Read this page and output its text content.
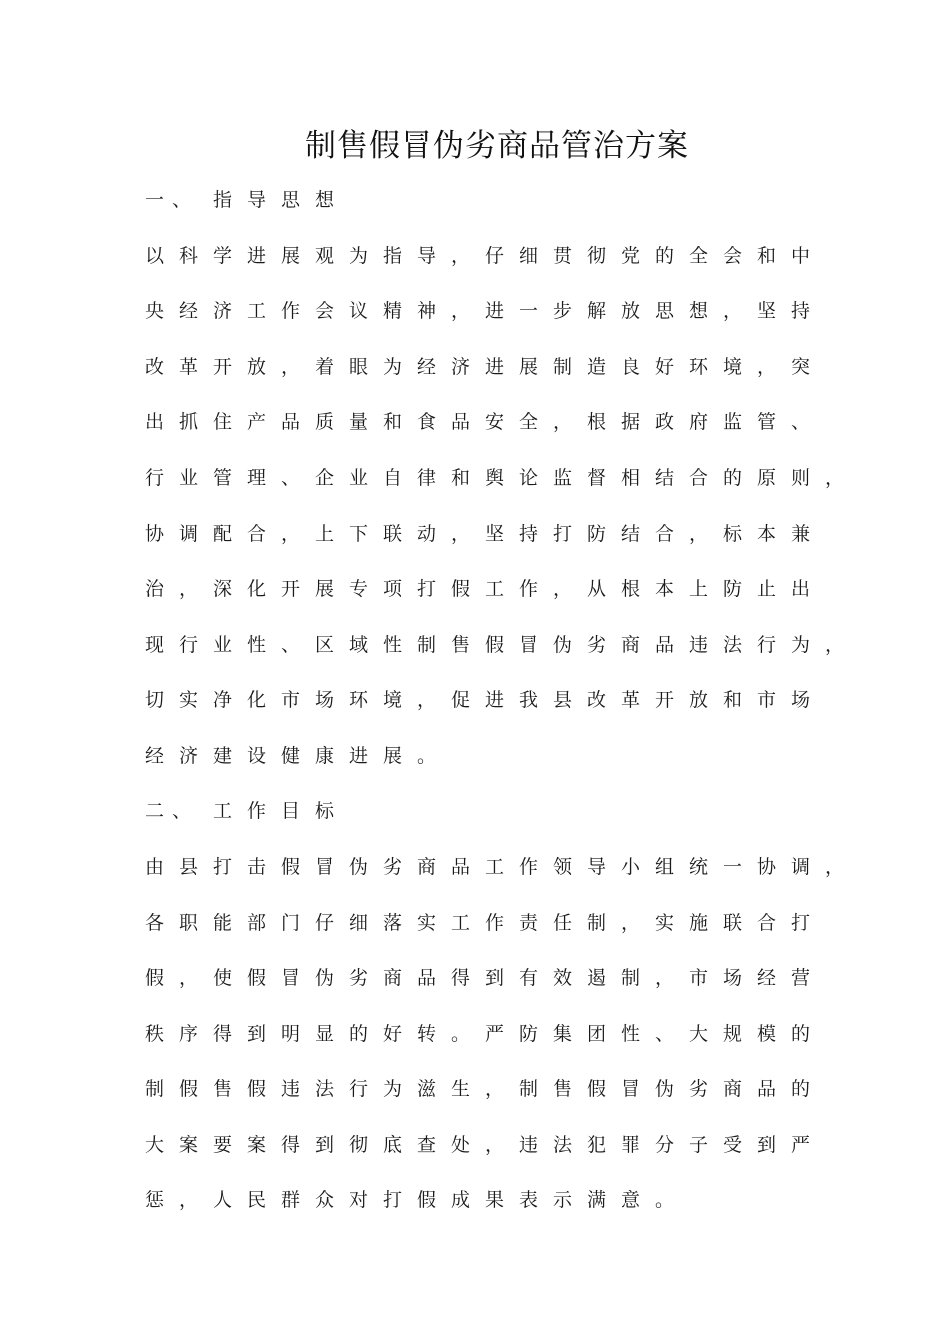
制售假冒伪劣商品管治方案
一、 指导思想
以科学进展观为指导，仔细贯彻党的全会和中
央经济工作会议精神，进一步解放思想，坚持
改革开放，着眼为经济进展制造良好环境，突
出抓住产品质量和食品安全，根据政府监管、
行业管理、企业自律和舆论监督相结合的原则，
协调配合，上下联动，坚持打防结合，标本兼
治，深化开展专项打假工作，从根本上防止出
现行业性、区域性制售假冒伪劣商品违法行为，
切实净化市场环境，促进我县改革开放和市场
经济建设健康进展。
二、 工作目标
由县打击假冒伪劣商品工作领导小组统一协调，
各职能部门仔细落实工作责任制，实施联合打
假，使假冒伪劣商品得到有效遏制，市场经营
秩序得到明显的好转。严防集团性、大规模的
制假售假违法行为滋生，制售假冒伪劣商品的
大案要案得到彻底查处，违法犯罪分子受到严
惩，人民群众对打假成果表示满意。
